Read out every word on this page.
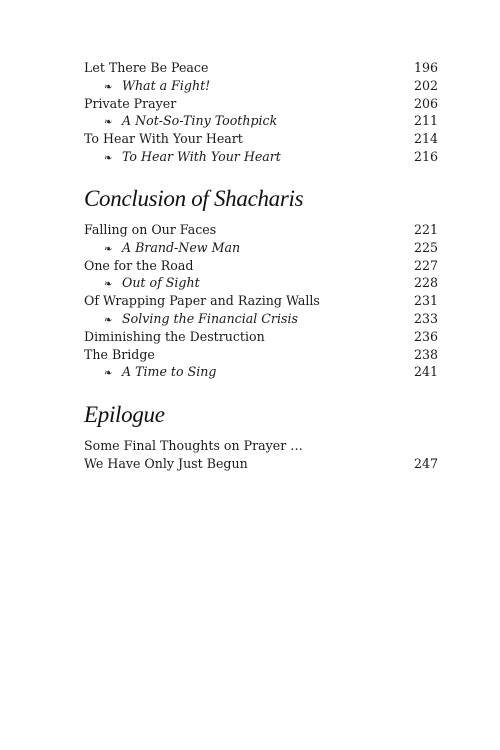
Let There Be Peace	196
❧ What a Fight!	202
Private Prayer	206
❧ A Not-So-Tiny Toothpick	211
To Hear With Your Heart	214
❧ To Hear With Your Heart	216
Conclusion of Shacharis
Falling on Our Faces	221
❧ A Brand-New Man	225
One for the Road	227
❧ Out of Sight	228
Of Wrapping Paper and Razing Walls	231
❧ Solving the Financial Crisis	233
Diminishing the Destruction	236
The Bridge	238
❧ A Time to Sing	241
Epilogue
Some Final Thoughts on Prayer …
We Have Only Just Begun	247
